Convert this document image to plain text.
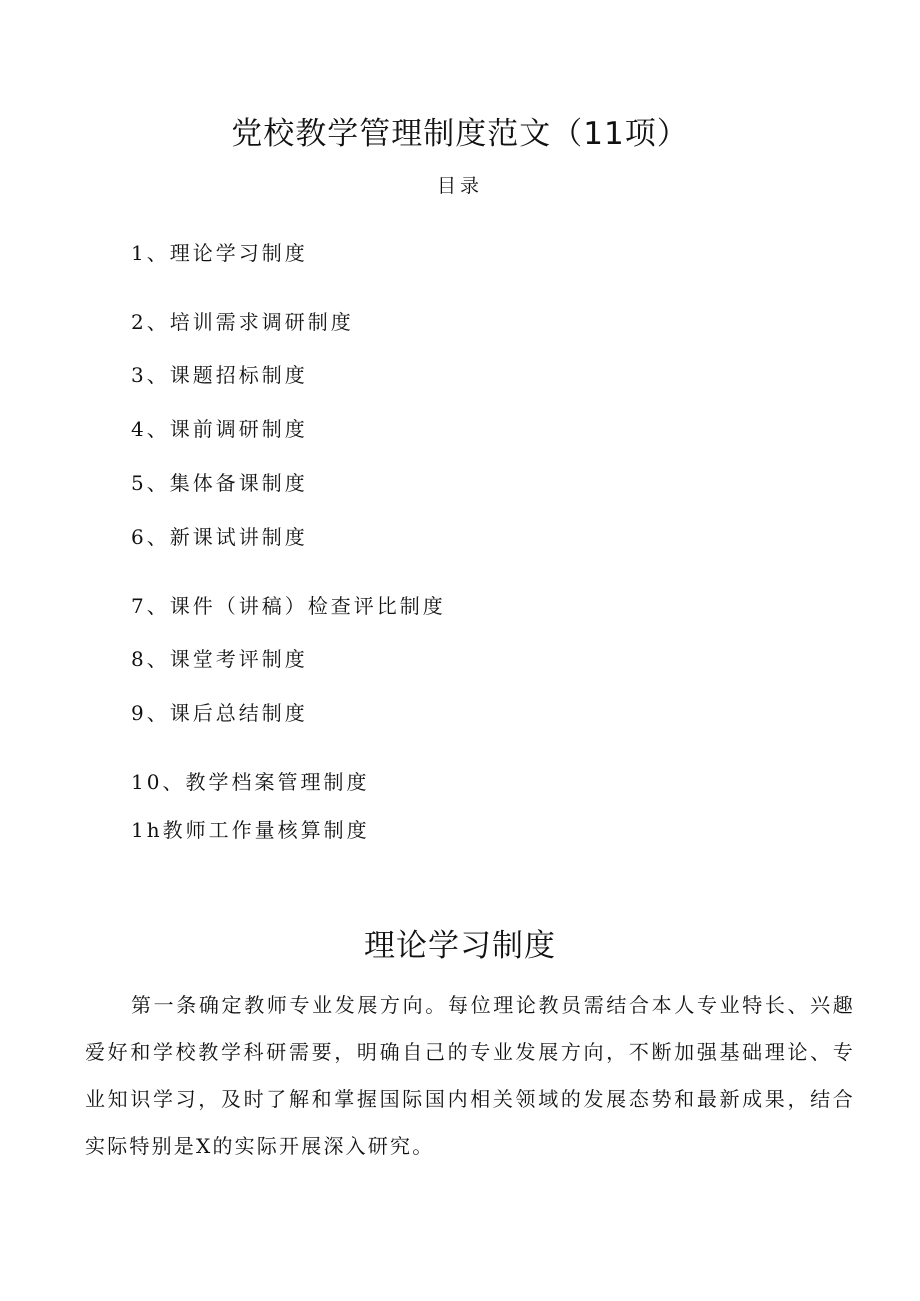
党校教学管理制度范文（11项）
目录
1、理论学习制度
2、培训需求调研制度
3、课题招标制度
4、课前调研制度
5、集体备课制度
6、新课试讲制度
7、课件（讲稿）检查评比制度
8、课堂考评制度
9、课后总结制度
10、教学档案管理制度
1h教师工作量核算制度
理论学习制度

第一条确定教师专业发展方向。每位理论教员需结合本人专业特长、兴趣爱好和学校教学科研需要，明确自己的专业发展方向，不断加强基础理论、专业知识学习，及时了解和掌握国际国内相关领域的发展态势和最新成果，结合实际特别是X的实际开展深入研究。
